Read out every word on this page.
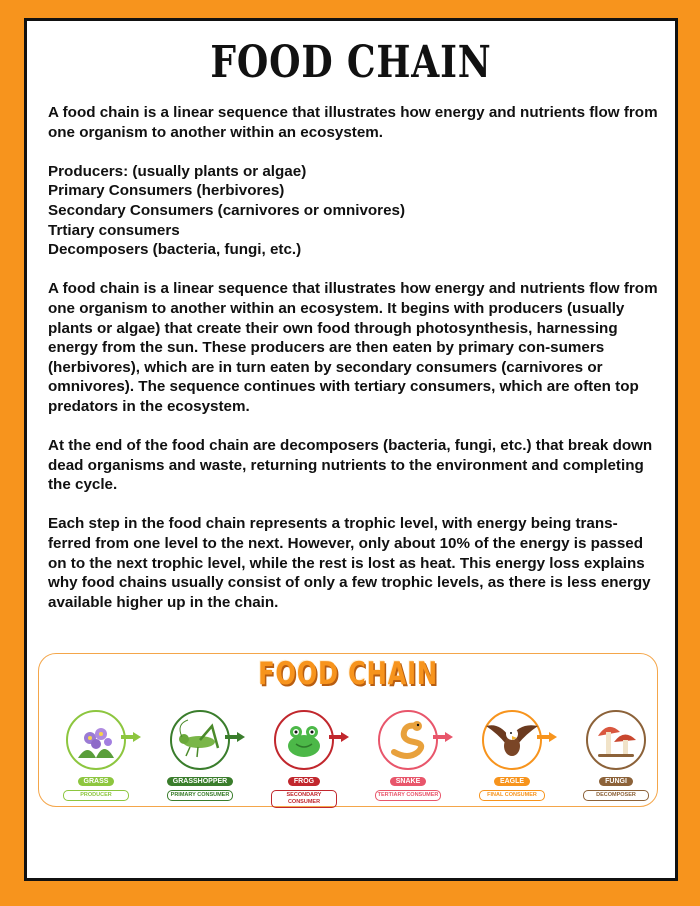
FOOD CHAIN

A food chain is a linear sequence that illustrates how energy and nutrients flow from one organism to another within an ecosystem.

Producers: (usually plants or algae)
Primary Consumers (herbivores)
Secondary Consumers (carnivores or omnivores)
Trtiary consumers
Decomposers (bacteria, fungi, etc.)

A food chain is a linear sequence that illustrates how energy and nutrients flow from one organism to another within an ecosystem. It begins with producers (usually plants or algae) that create their own food through photosynthesis, harnessing energy from the sun. These producers are then eaten by primary con-sumers (herbivores), which are in turn eaten by secondary consumers (carnivores or omnivores). The sequence continues with tertiary consumers, which are often top predators in the ecosystem.

At the end of the food chain are decomposers (bacteria, fungi, etc.) that break down dead organisms and waste, returning nutrients to the environment and completing the cycle.

Each step in the food chain represents a trophic level, with energy being trans-ferred from one level to the next. However, only about 10% of the energy is passed on to the next trophic level, while the rest is lost as heat. This energy loss explains why food chains usually consist of only a few trophic levels, as there is less energy available higher up in the chain.

FOOD CHAIN
GRASS
PRODUCER
GRASSHOPPER
PRIMARY CONSUMER
FROG
SECONDARY CONSUMER
SNAKE
TERTIARY CONSUMER
EAGLE
FINAL CONSUMER
FUNGI
DECOMPOSER
